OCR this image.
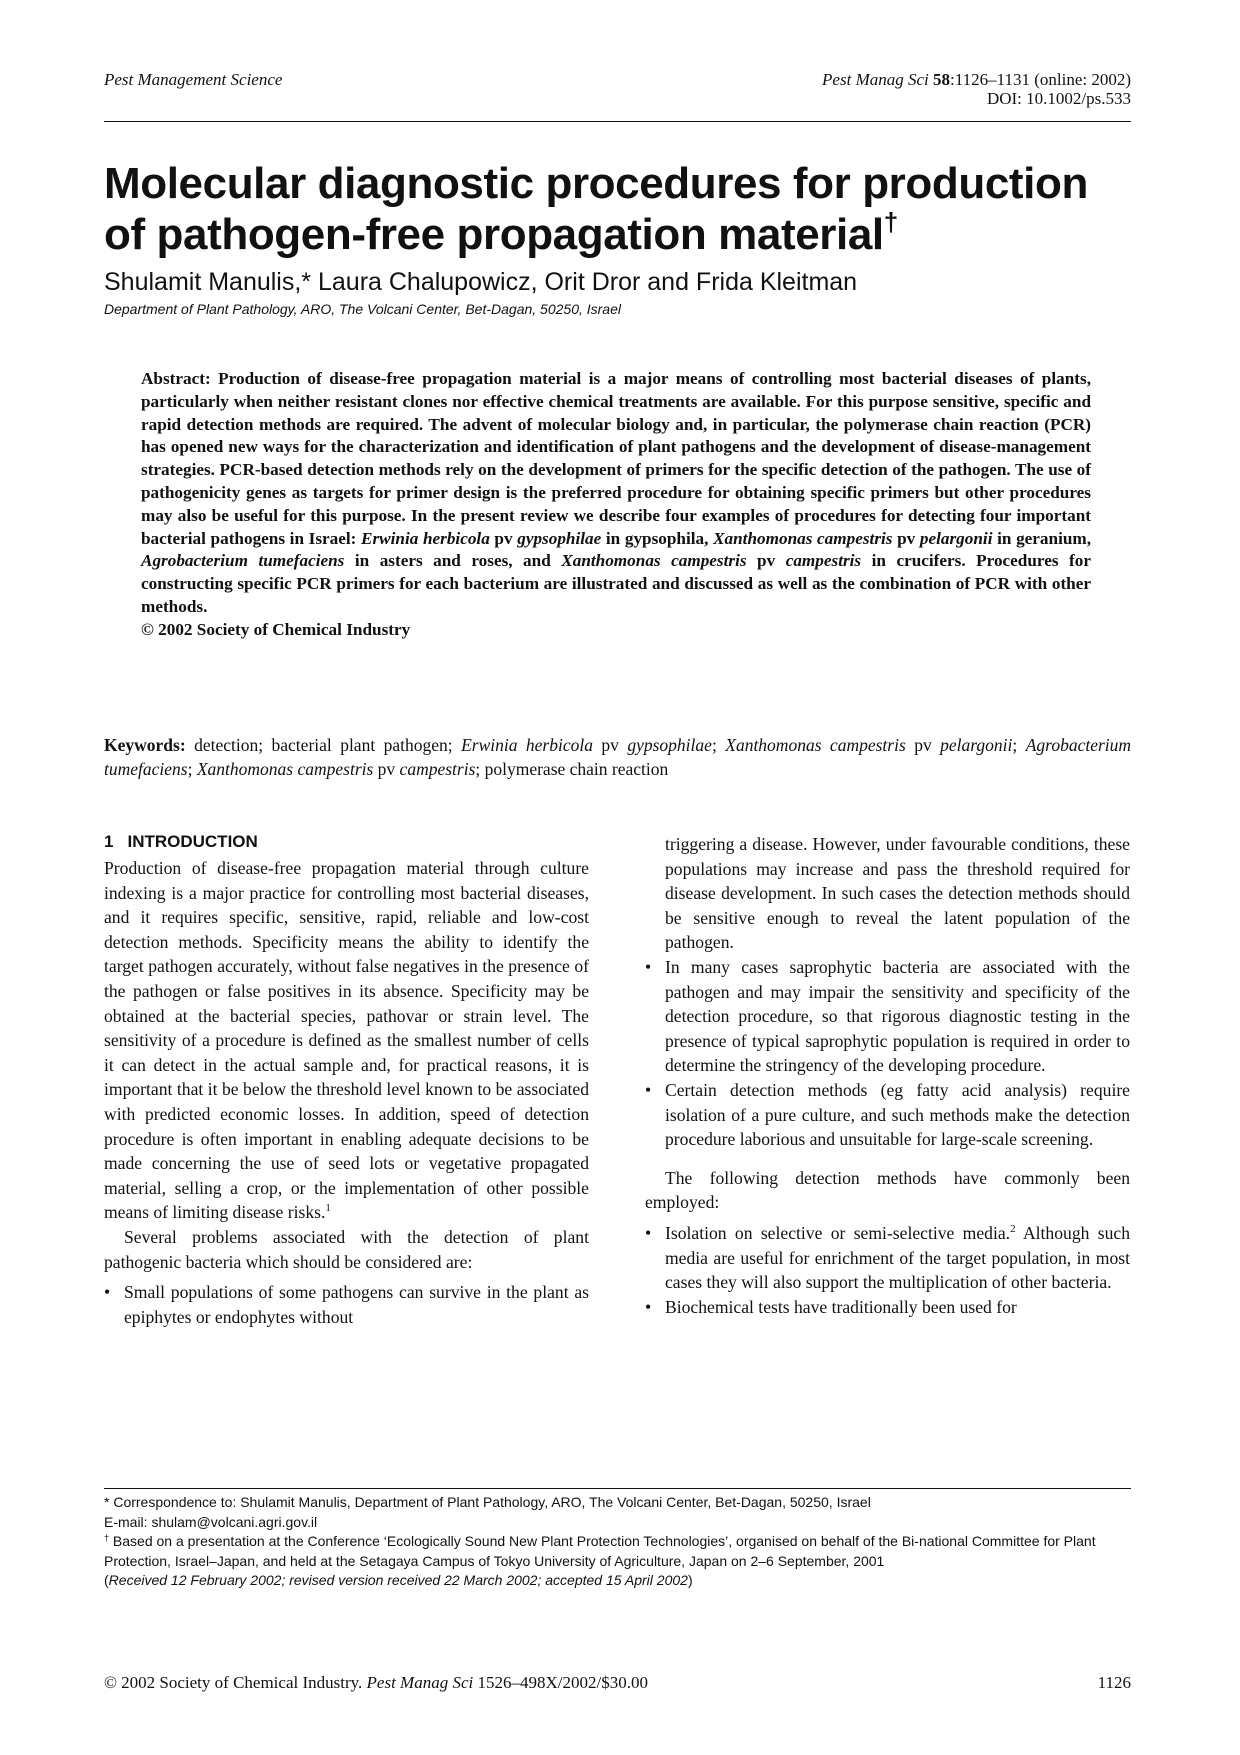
Pest Management Science	Pest Manag Sci 58:1126–1131 (online: 2002)
DOI: 10.1002/ps.533
Molecular diagnostic procedures for production
of pathogen-free propagation material†
Shulamit Manulis,* Laura Chalupowicz, Orit Dror and Frida Kleitman
Department of Plant Pathology, ARO, The Volcani Center, Bet-Dagan, 50250, Israel
Abstract: Production of disease-free propagation material is a major means of controlling most bacterial diseases of plants, particularly when neither resistant clones nor effective chemical treatments are available. For this purpose sensitive, specific and rapid detection methods are required. The advent of molecular biology and, in particular, the polymerase chain reaction (PCR) has opened new ways for the characterization and identification of plant pathogens and the development of disease-management strategies. PCR-based detection methods rely on the development of primers for the specific detection of the pathogen. The use of pathogenicity genes as targets for primer design is the preferred procedure for obtaining specific primers but other procedures may also be useful for this purpose. In the present review we describe four examples of procedures for detecting four important bacterial pathogens in Israel: Erwinia herbicola pv gypsophilae in gypsophila, Xanthomonas campestris pv pelargonii in geranium, Agrobacterium tumefaciens in asters and roses, and Xanthomonas campestris pv campestris in crucifers. Procedures for constructing specific PCR primers for each bacterium are illustrated and discussed as well as the combination of PCR with other methods.
© 2002 Society of Chemical Industry
Keywords: detection; bacterial plant pathogen; Erwinia herbicola pv gypsophilae; Xanthomonas campestris pv pelargonii; Agrobacterium tumefaciens; Xanthomonas campestris pv campestris; polymerase chain reaction
1 INTRODUCTION

Production of disease-free propagation material through culture indexing is a major practice for controlling most bacterial diseases, and it requires specific, sensitive, rapid, reliable and low-cost detection methods. Specificity means the ability to identify the target pathogen accurately, without false negatives in the presence of the pathogen or false positives in its absence. Specificity may be obtained at the bacterial species, pathovar or strain level. The sensitivity of a procedure is defined as the smallest number of cells it can detect in the actual sample and, for practical reasons, it is important that it be below the threshold level known to be associated with predicted economic losses. In addition, speed of detection procedure is often important in enabling adequate decisions to be made concerning the use of seed lots or vegetative propagated material, selling a crop, or the implementation of other possible means of limiting disease risks.$^1$

Several problems associated with the detection of plant pathogenic bacteria which should be considered are:

• Small populations of some pathogens can survive in the plant as epiphytes or endophytes without
triggering a disease. However, under favourable conditions, these populations may increase and pass the threshold required for disease development. In such cases the detection methods should be sensitive enough to reveal the latent population of the pathogen.
• In many cases saprophytic bacteria are associated with the pathogen and may impair the sensitivity and specificity of the detection procedure, so that rigorous diagnostic testing in the presence of typical saprophytic population is required in order to determine the stringency of the developing procedure.
• Certain detection methods (eg fatty acid analysis) require isolation of a pure culture, and such methods make the detection procedure laborious and unsuitable for large-scale screening.

The following detection methods have commonly been employed:

• Isolation on selective or semi-selective media.$^2$ Although such media are useful for enrichment of the target population, in most cases they will also support the multiplication of other bacteria.
• Biochemical tests have traditionally been used for

* Correspondence to: Shulamit Manulis, Department of Plant Pathology, ARO, The Volcani Center, Bet-Dagan, 50250, Israel

E-mail: shulam@volcani.agri.gov.il

† Based on a presentation at the Conference ‘Ecologically Sound New Plant Protection Technologies’, organised on behalf of the Bi-national Committee for Plant Protection, Israel–Japan, and held at the Setagaya Campus of Tokyo University of Agriculture, Japan on 2–6 September, 2001

(Received 12 February 2002; revised version received 22 March 2002; accepted 15 April 2002)

© 2002 Society of Chemical Industry. Pest Manag Sci 1526–498X/2002/$30.00	1126
